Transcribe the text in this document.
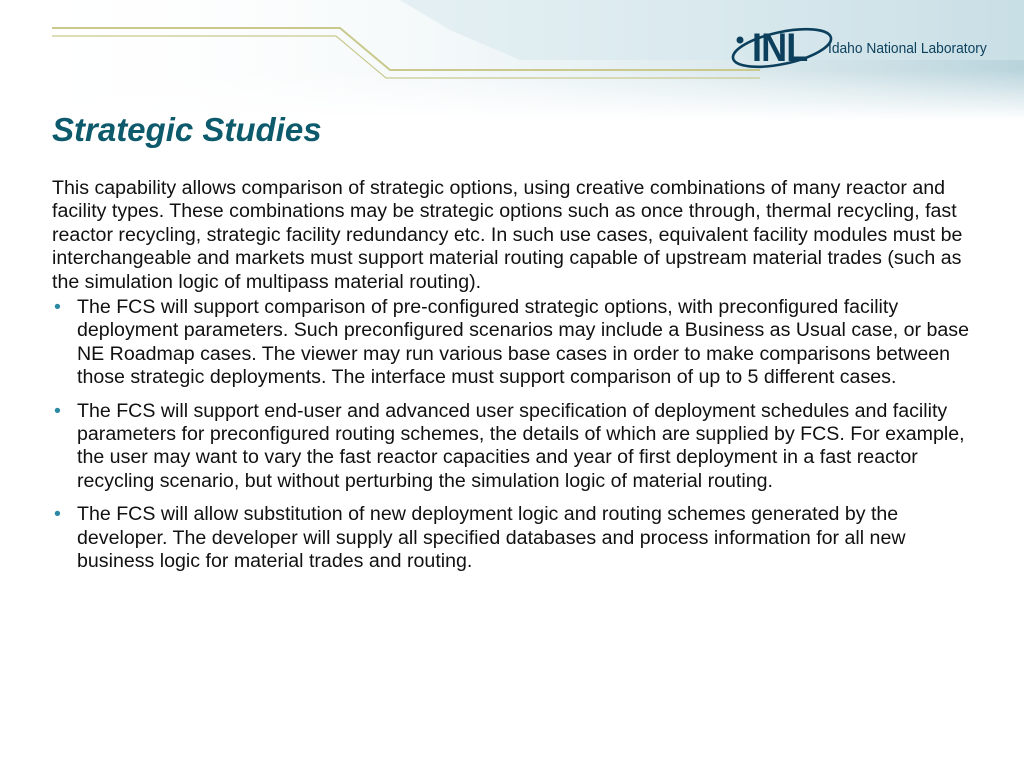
INL Idaho National Laboratory
Strategic Studies

This capability allows comparison of strategic options, using creative combinations of many reactor and facility types. These combinations may be strategic options such as once through, thermal recycling, fast reactor recycling, strategic facility redundancy etc. In such use cases, equivalent facility modules must be interchangeable and markets must support material routing capable of upstream material trades (such as the simulation logic of multipass material routing).

• The FCS will support comparison of pre-configured strategic options, with preconfigured facility deployment parameters. Such preconfigured scenarios may include a Business as Usual case, or base NE Roadmap cases. The viewer may run various base cases in order to make comparisons between those strategic deployments. The interface must support comparison of up to 5 different cases.
• The FCS will support end-user and advanced user specification of deployment schedules and facility parameters for preconfigured routing schemes, the details of which are supplied by FCS. For example, the user may want to vary the fast reactor capacities and year of first deployment in a fast reactor recycling scenario, but without perturbing the simulation logic of material routing.
• The FCS will allow substitution of new deployment logic and routing schemes generated by the developer. The developer will supply all specified databases and process information for all new business logic for material trades and routing.
